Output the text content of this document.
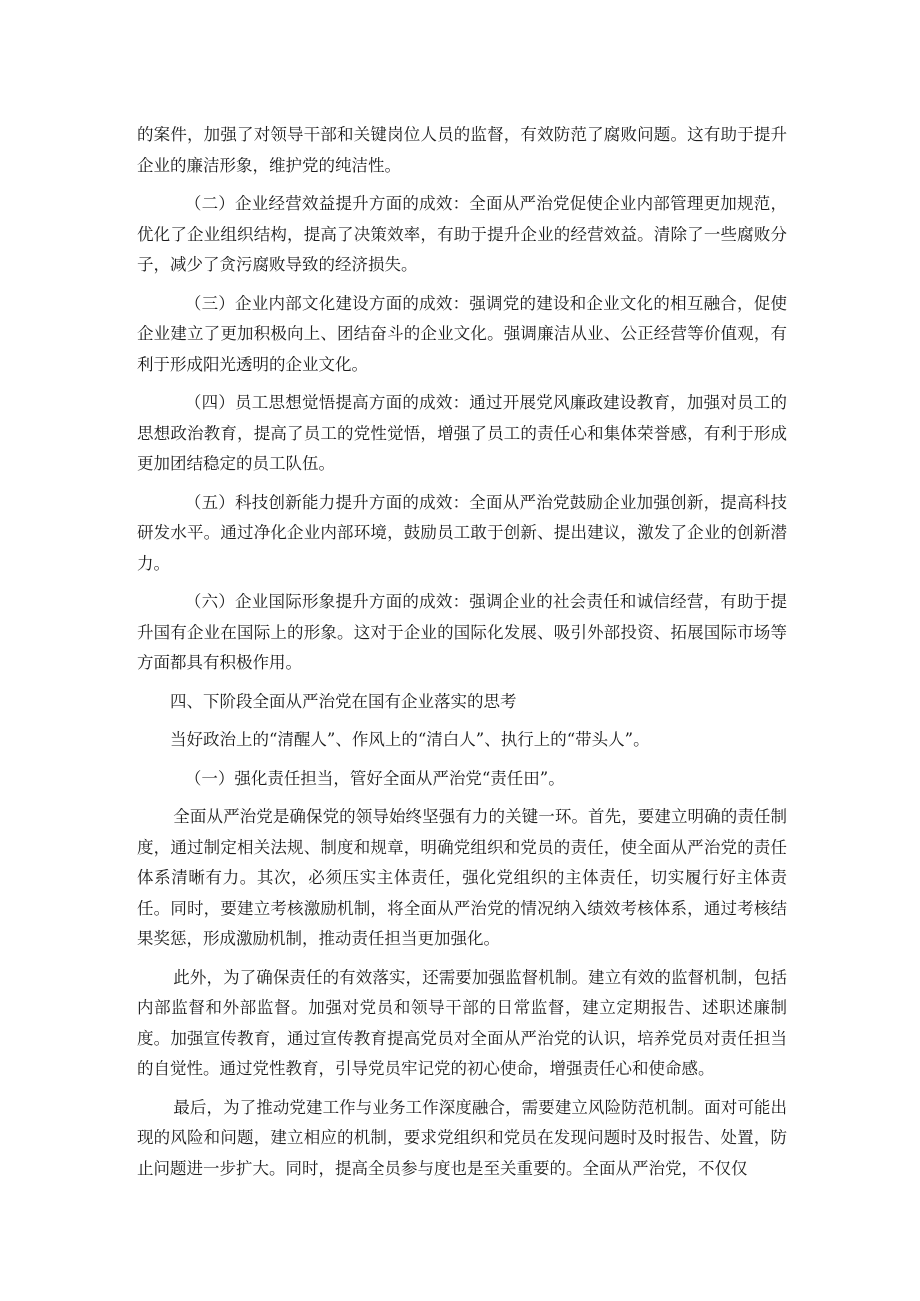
的案件，加强了对领导干部和关键岗位人员的监督，有效防范了腐败问题。这有助于提升企业的廉洁形象，维护党的纯洁性。

（二）企业经营效益提升方面的成效：全面从严治党促使企业内部管理更加规范，优化了企业组织结构，提高了决策效率，有助于提升企业的经营效益。清除了一些腐败分子，减少了贪污腐败导致的经济损失。

（三）企业内部文化建设方面的成效：强调党的建设和企业文化的相互融合，促使企业建立了更加积极向上、团结奋斗的企业文化。强调廉洁从业、公正经营等价值观，有利于形成阳光透明的企业文化。

（四）员工思想觉悟提高方面的成效：通过开展党风廉政建设教育，加强对员工的思想政治教育，提高了员工的党性觉悟，增强了员工的责任心和集体荣誉感，有利于形成更加团结稳定的员工队伍。

（五）科技创新能力提升方面的成效：全面从严治党鼓励企业加强创新，提高科技研发水平。通过净化企业内部环境，鼓励员工敢于创新、提出建议，激发了企业的创新潜力。

（六）企业国际形象提升方面的成效：强调企业的社会责任和诚信经营，有助于提升国有企业在国际上的形象。这对于企业的国际化发展、吸引外部投资、拓展国际市场等方面都具有积极作用。

四、下阶段全面从严治党在国有企业落实的思考

当好政治上的“清醒人”、作风上的“清白人”、执行上的“带头人”。

（一）强化责任担当，管好全面从严治党“责任田”。

全面从严治党是确保党的领导始终坚强有力的关键一环。首先，要建立明确的责任制度，通过制定相关法规、制度和规章，明确党组织和党员的责任，使全面从严治党的责任体系清晰有力。其次，必须压实主体责任，强化党组织的主体责任，切实履行好主体责任。同时，要建立考核激励机制，将全面从严治党的情况纳入绩效考核体系，通过考核结果奖惩，形成激励机制，推动责任担当更加强化。

此外，为了确保责任的有效落实，还需要加强监督机制。建立有效的监督机制，包括内部监督和外部监督。加强对党员和领导干部的日常监督，建立定期报告、述职述廉制度。加强宣传教育，通过宣传教育提高党员对全面从严治党的认识，培养党员对责任担当的自觉性。通过党性教育，引导党员牢记党的初心使命，增强责任心和使命感。

最后，为了推动党建工作与业务工作深度融合，需要建立风险防范机制。面对可能出现的风险和问题，建立相应的机制，要求党组织和党员在发现问题时及时报告、处置，防止问题进一步扩大。同时，提高全员参与度也是至关重要的。全面从严治党，不仅仅
